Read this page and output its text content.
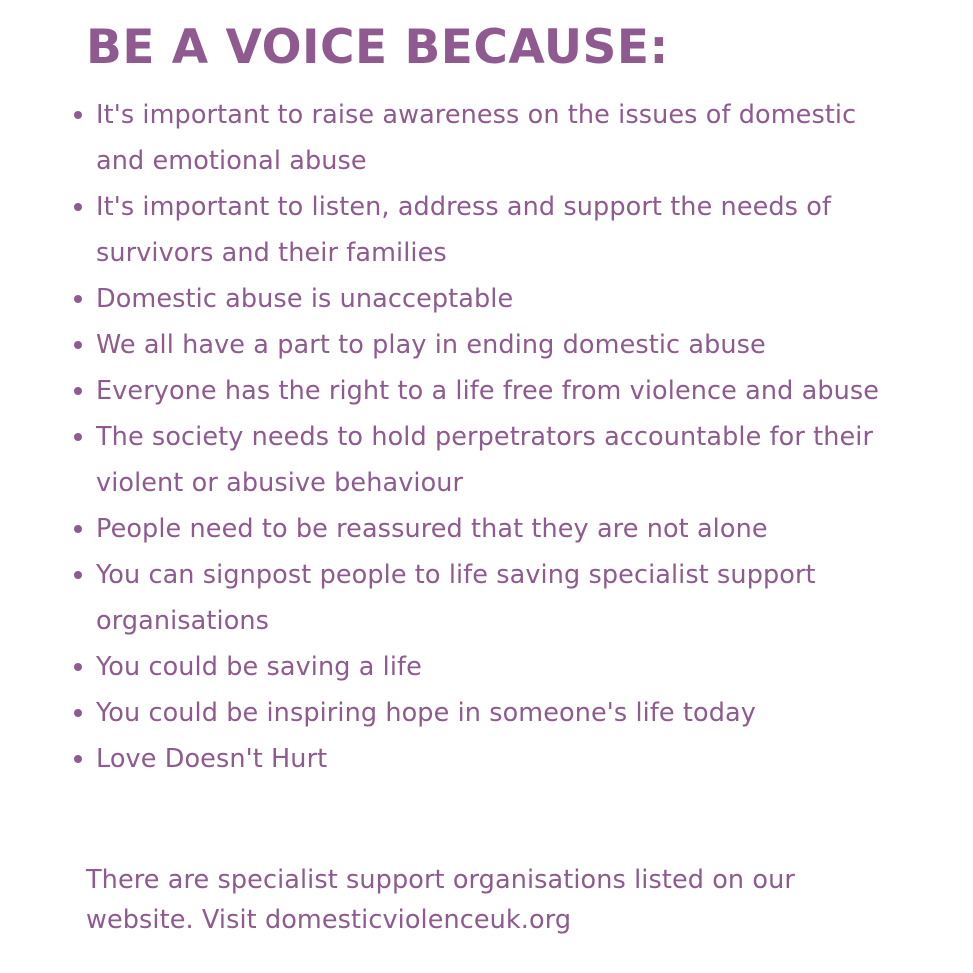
BE A VOICE BECAUSE:
It's important to raise awareness on the issues of domestic and emotional abuse
It's important to listen, address and support the needs of survivors and their families
Domestic abuse is unacceptable
We all have a part to play in ending domestic abuse
Everyone has the right to a life free from violence and abuse
The society needs to hold perpetrators accountable for their violent or abusive behaviour
People need to be reassured that they are not alone
You can signpost people to life saving specialist support organisations
You could be saving a life
You could be inspiring hope in someone's life today
Love Doesn't Hurt

There are specialist support organisations listed on our website. Visit domesticviolenceuk.org
